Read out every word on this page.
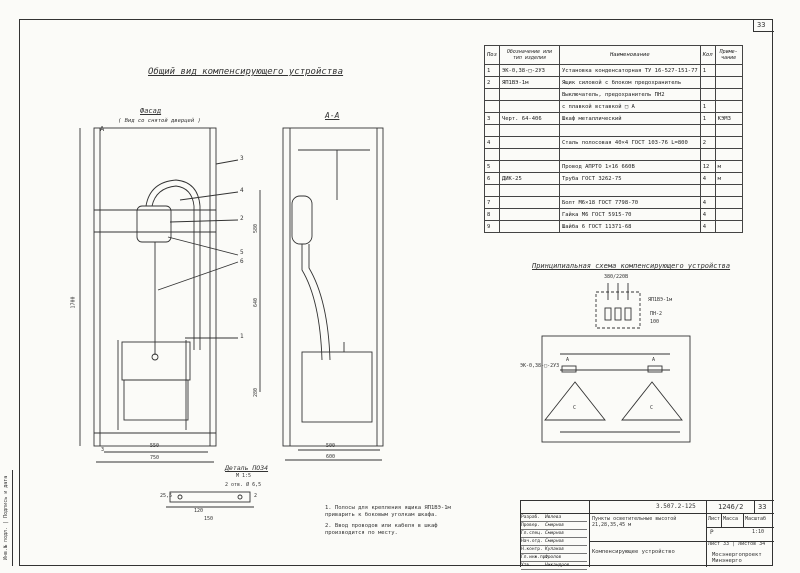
33
Инв.№ подл. | Подпись и дата
Общий вид компенсирующего устройства
Фасад
( Вид со снятой дверцей )
А-А
А
3
4
2
5
6
1
550
750
1700
3
580
500
600
280
640
Деталь ПОЗ4
М 1:5
2 отв. Ø 6,5
120
150
25,5	2
Принципиальная схема компенсирующего устройства
380/220В
ЯП1ВЭ-1м
ПН-2
100
ЭК-0,38-□-2У3
А	А
С	С
Поз	Обозначение или тип изделия	Наименование	Кол	Приме-чание
1	ЭК-0,38-□-2У3	Установка конденсаторная ТУ 16-527-151-77	1	
2	ЯП1ВЭ-1м	Ящик силовой с блоком предохранитель		
		Выключатель, предохранитель ПН2		
		с плавкой вставкой □ А	1	
3	Черт. 64-406	Шкаф металлический	1	КЭМЗ

4		Сталь полосовая 40×4 ГОСТ 103-76 L=800	2	

5		Провод АПРТО 1×16 660В	12	м
6	ДИК-25	Труба ГОСТ 3262-75	4	м

7		Болт М6×18 ГОСТ 7798-70	4	
8		Гайка М6 ГОСТ 5915-70	4	
9		Шайба 6 ГОСТ 11371-68	4	
1. Полосы для крепления ящика ЯП1ВЭ-1м приварить к боковым уголкам шкафа.
2. Ввод проводов или кабеля в шкаф производится по месту.
3.507.2-125	1246/2 33
Пункты осветительные высотой 21,28,35,45 м
Компенсирующее устройство
Лист Масса Масштаб
Р	1:10
Лист 33 | Листов 34
Мосэнергопроект Минэнерго
Разраб.	Ивлева
Провер.	Смирнов
Гл.спец. Смирнов
Нач.отд. Смирнов
Н.контр. Кулаков
Гл.инж.пр.
Фролов
Утв.	Никандров
